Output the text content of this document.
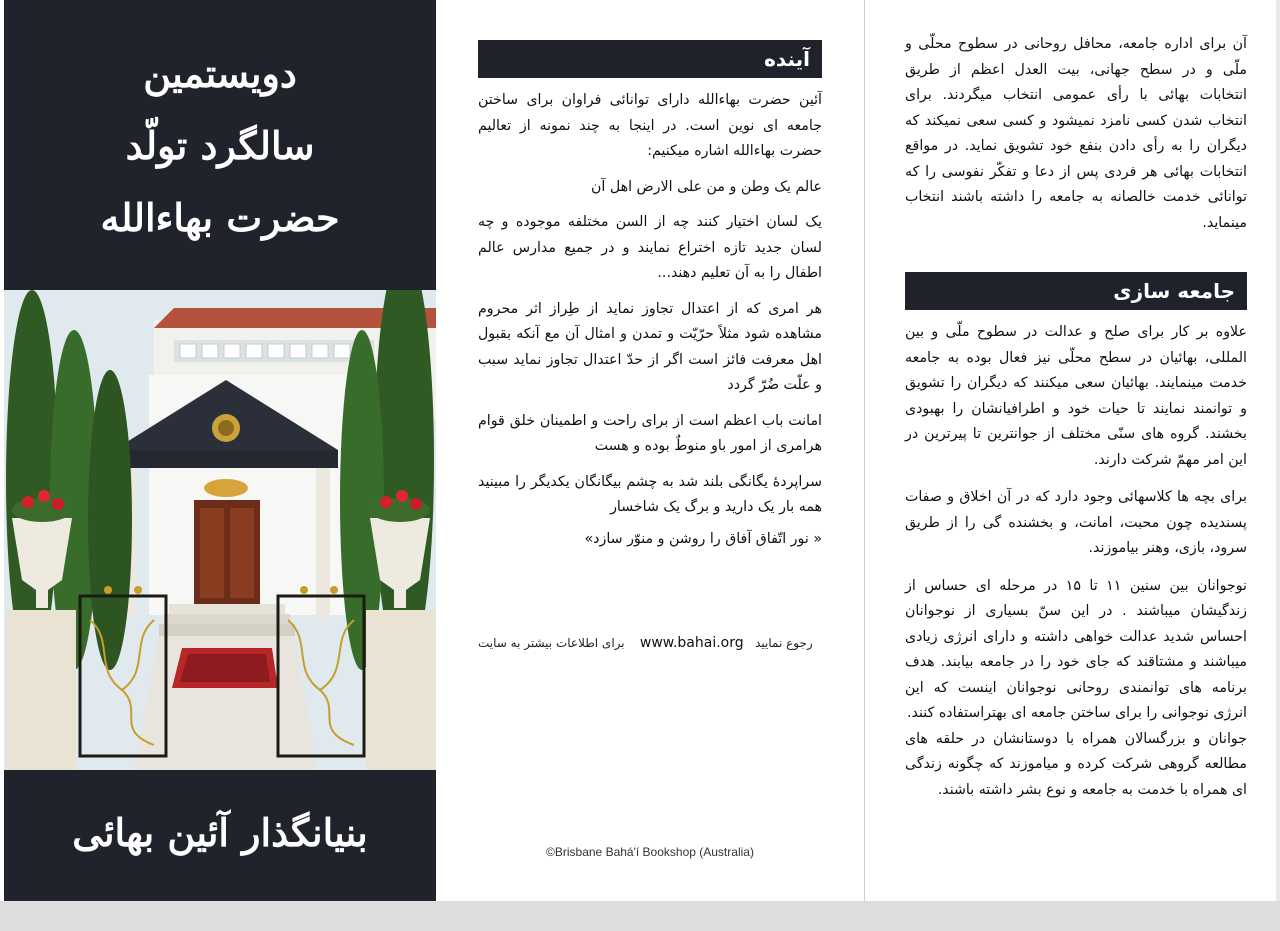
دویستمین
سالگرد تولّد
حضرت بهاءالله
بنیانگذار آئین بهائی
آینده

آئین حضرت بهاءالله دارای توانائی فراوان برای ساختن جامعه ای نوین است. در اینجا به چند نمونه از تعالیم حضرت بهاءالله اشاره میکنیم:

عالم یک وطن و من علی الارض اهل آن

یک لسان اختیار کنند چه از السن مختلفه موجوده و چه لسان جدید تازه اختراع نمایند و در جمیع مدارس عالم اطفال را به آن تعلیم دهند...

هر امری که از اعتدال تجاوز نماید از طِراز اثر محروم مشاهده شود مثلاً حرّیّت و تمدن و امثال آن مع آنکه بقبول اهل معرفت فائز است اگر از حدّ اعتدال تجاوز نماید سبب و علّت ضُرّ گردد

امانت باب اعظم است از برای راحت و اطمینان خلق قوام هرامری از امور باو منوطٌ بوده و هست

سراپردهٔ یگانگی بلند شد به چشم بیگانگان یکدیگر را مبینید همه بار یک دارید و برگ یک شاخسار

« نور اتّفاق آفاق را روشن و منوّر سازد»

برای اطلاعات بیشتر به سایت www.bahai.org رجوع نمایید
©Brisbane Bahá'í Bookshop (Australia)

آن برای اداره جامعه، محافل روحانی در سطوح محلّی و ملّی و در سطح جهانی، بیت العدل اعظم از طریق انتخابات بهائی با رأی عمومی انتخاب میگردند. برای انتخاب شدن کسی نامزد نمیشود و کسی سعی نمیکند که دیگران را به رأی دادن بنفع خود تشویق نماید. در مواقع انتخابات بهائی هر فردی پس از دعا و تفکّر نفوسی را که توانائی خدمت خالصانه به جامعه را داشته باشند انتخاب مینماید.

جامعه سازی

علاوه بر کار برای صلح و عدالت در سطوح ملّی و بین المللی، بهائیان در سطح محلّی نیز فعال بوده به جامعه خدمت مینمایند. بهائیان سعی میکنند که دیگران را تشویق و توانمند نمایند تا حیات خود و اطرافیانشان را بهبودی بخشند. گروه های سنّی مختلف از جوانترین تا پیرترین در این امر مهمّ شرکت دارند.

برای بچه ها کلاسهائی وجود دارد که در آن اخلاق و صفات پسندیده چون محبت، امانت، و بخشنده گی را از طریق سرود، بازی، وهنر بیاموزند.

نوجوانان بین سنین ۱۱ تا ۱۵ در مرحله ای حساس از زندگیشان میباشند . در این سنّ بسیاری از نوجوانان احساس شدید عدالت خواهی داشته و دارای انرژی زیادی میباشند و مشتاقند که جای خود را در جامعه بیابند. هدف برنامه های توانمندی روحانی نوجوانان اینست که این انرژی نوجوانی را برای ساختن جامعه ای بهتراستفاده کنند.

جوانان و بزرگسالان همراه با دوستانشان در حلقه های مطالعه گروهی شرکت کرده و میاموزند که چگونه زندگی ای همراه با خدمت به جامعه و نوع بشر داشته باشند.
